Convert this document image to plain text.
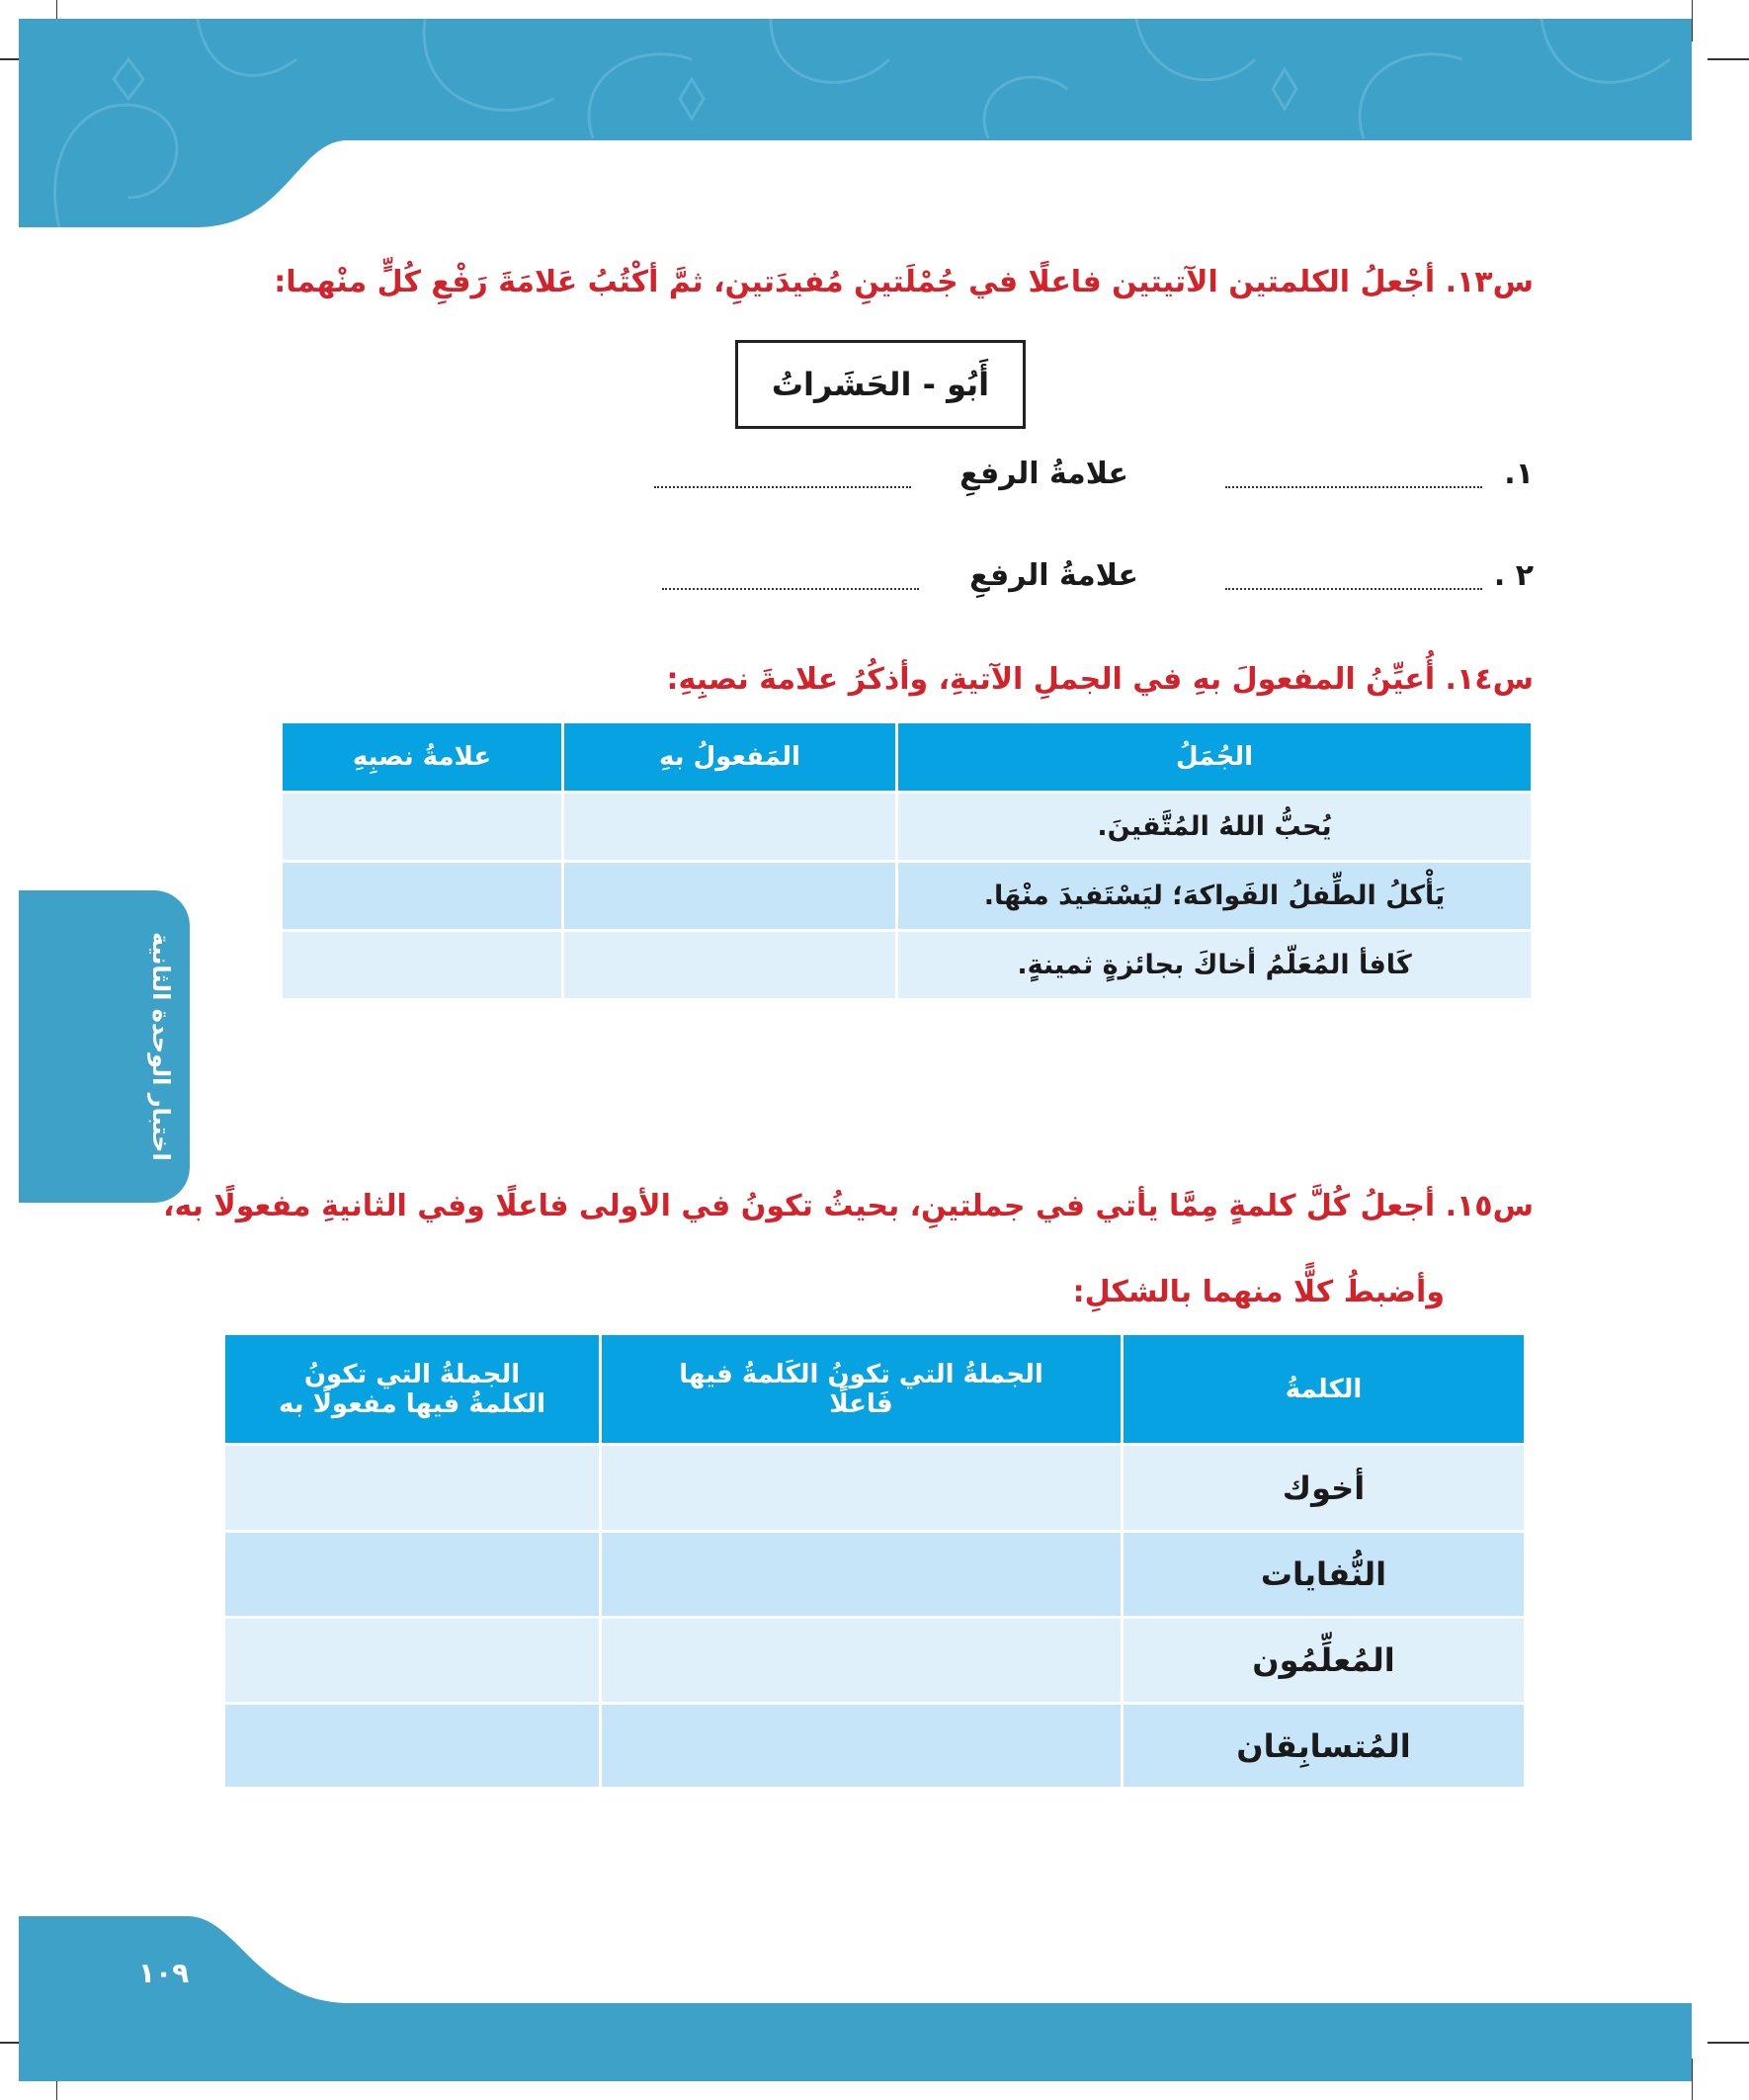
اختبار الوحدة الثانية
س١٣. أجْعلُ الكلمتين الآتيتين فاعلًا في جُمْلَتينِ مُفيدَتينِ، ثمَّ أكْتُبُ عَلامَةَ رَفْعِ كُلٍّ منْهما:
أَبُو - الحَشَراتُ
١.
علامةُ الرفعِ
٢ .
علامةُ الرفعِ
س١٤. أُعيِّنُ المفعولَ بهِ في الجملِ الآتيةِ، وأذكُرُ علامةَ نصبِهِ:
الجُمَلُ	المَفعولُ بهِ	علامةُ نصبِهِ
يُحبُّ اللهُ المُتَّقينَ.		
يَأْكلُ الطِّفلُ الفَواكهَ؛ ليَسْتَفيدَ منْهَا.		
كَافأ المُعَلّمُ أخاكَ بجائزةٍ ثمينةٍ.		
س١٥. أجعلُ كُلَّ كلمةٍ مِمَّا يأتي في جملتينِ، بحيثُ تكونُ في الأولى فاعلًا وفي الثانيةِ مفعولًا به،
وأضبطُ كلًّا منهما بالشكلِ:
الكلمةُ	الجملةُ التي تكونُ الكَلمةُ فيها فَاعلًا	الجملةُ التي تكونُ الكلمةُ فيها مفعولًا به
أخوك		
النُّفايات		
المُعلِّمُون		
المُتسابِقان		
١٠٩
